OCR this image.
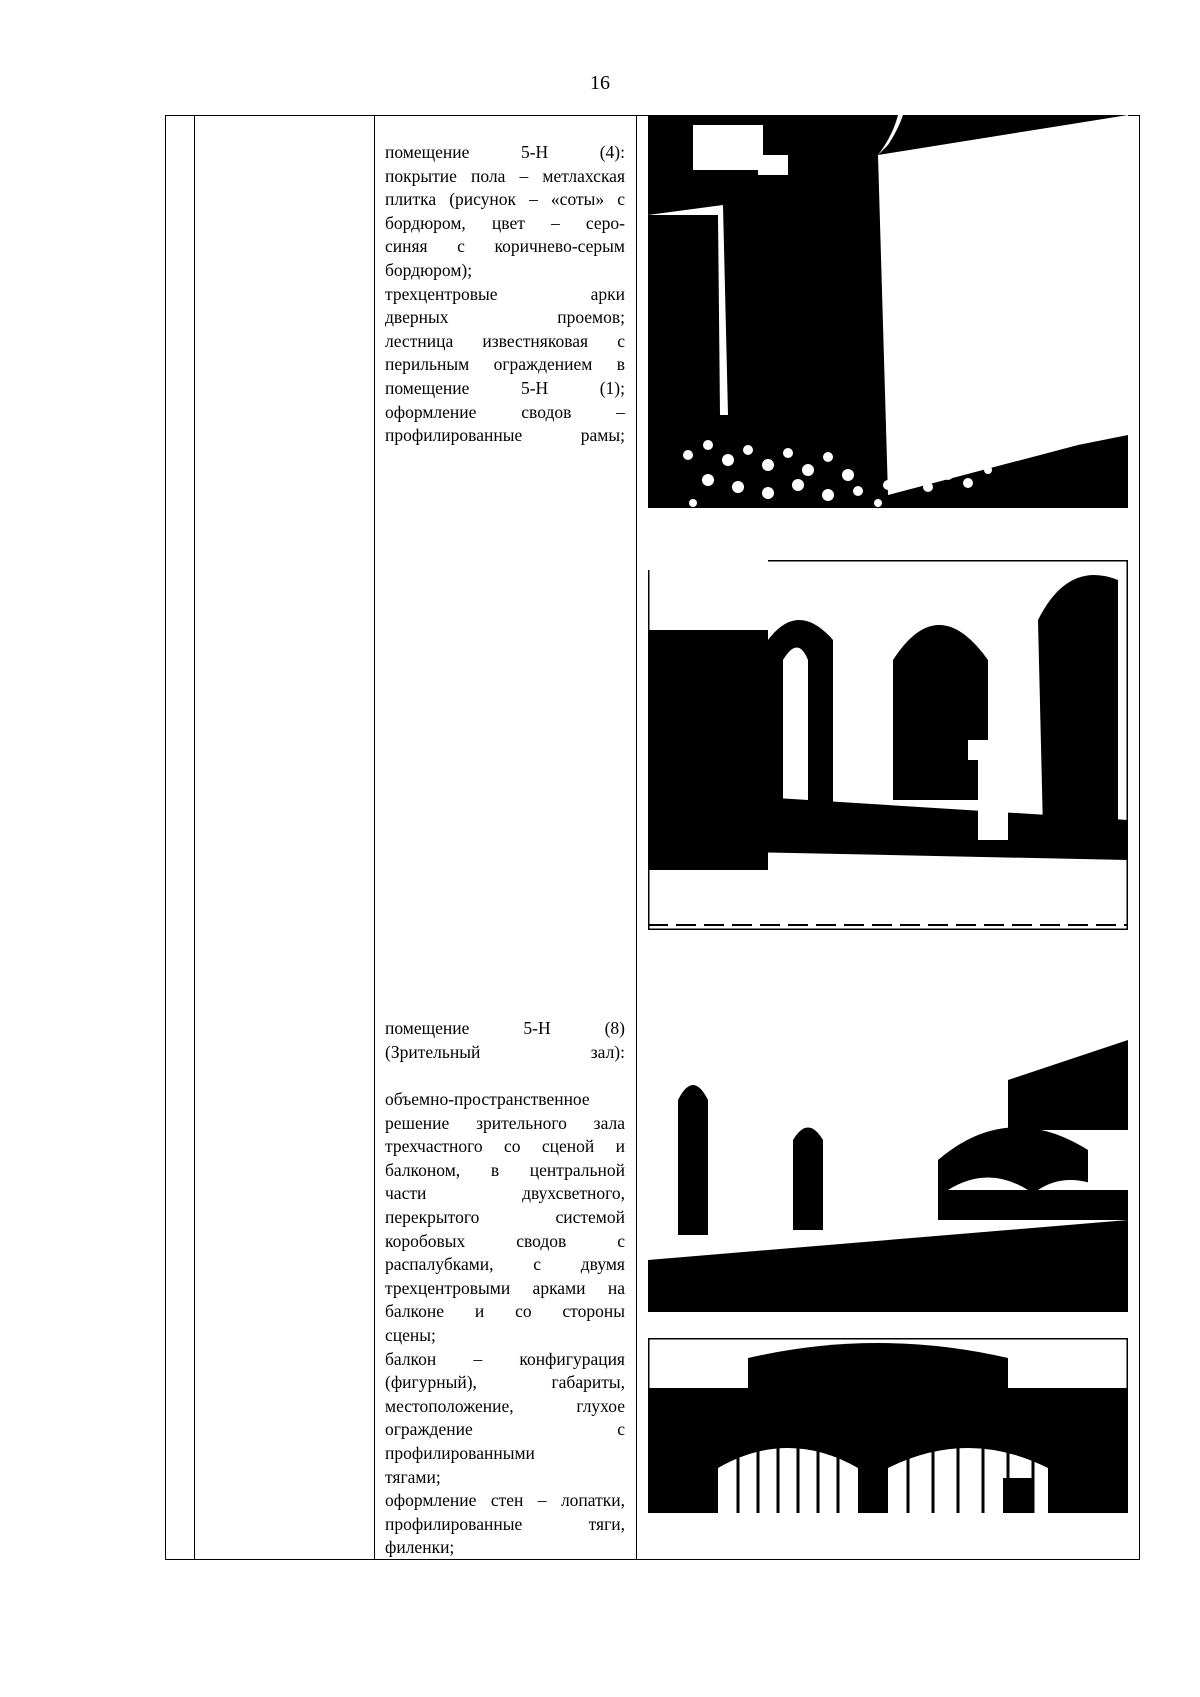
16
помещение	5-Н	(4):
покрытие пола – метлахская
плитка (рисунок – «соты» с
бордюром, цвет – серо-
синяя с коричнево-серым
бордюром);
трехцентровые	арки
дверных	проемов;
лестница известняковая с
перильным ограждением в
помещение	5-Н	(1);
оформление	сводов	–
профилированные	рамы;
помещение	5-Н	(8)
(Зрительный	зал):
объемно-пространственное
решение зрительного зала
трехчастного со сценой и
балконом, в центральной
части	двухсветного,
перекрытого	системой
коробовых	сводов	с
распалубками, с двумя
трехцентровыми арками на
балконе и со стороны
сцены;
балкон – конфигурация
(фигурный),	габариты,
местоположение,	глухое
ограждение	с
профилированными
тягами;
оформление стен – лопатки,
профилированные	тяги,
филенки;
